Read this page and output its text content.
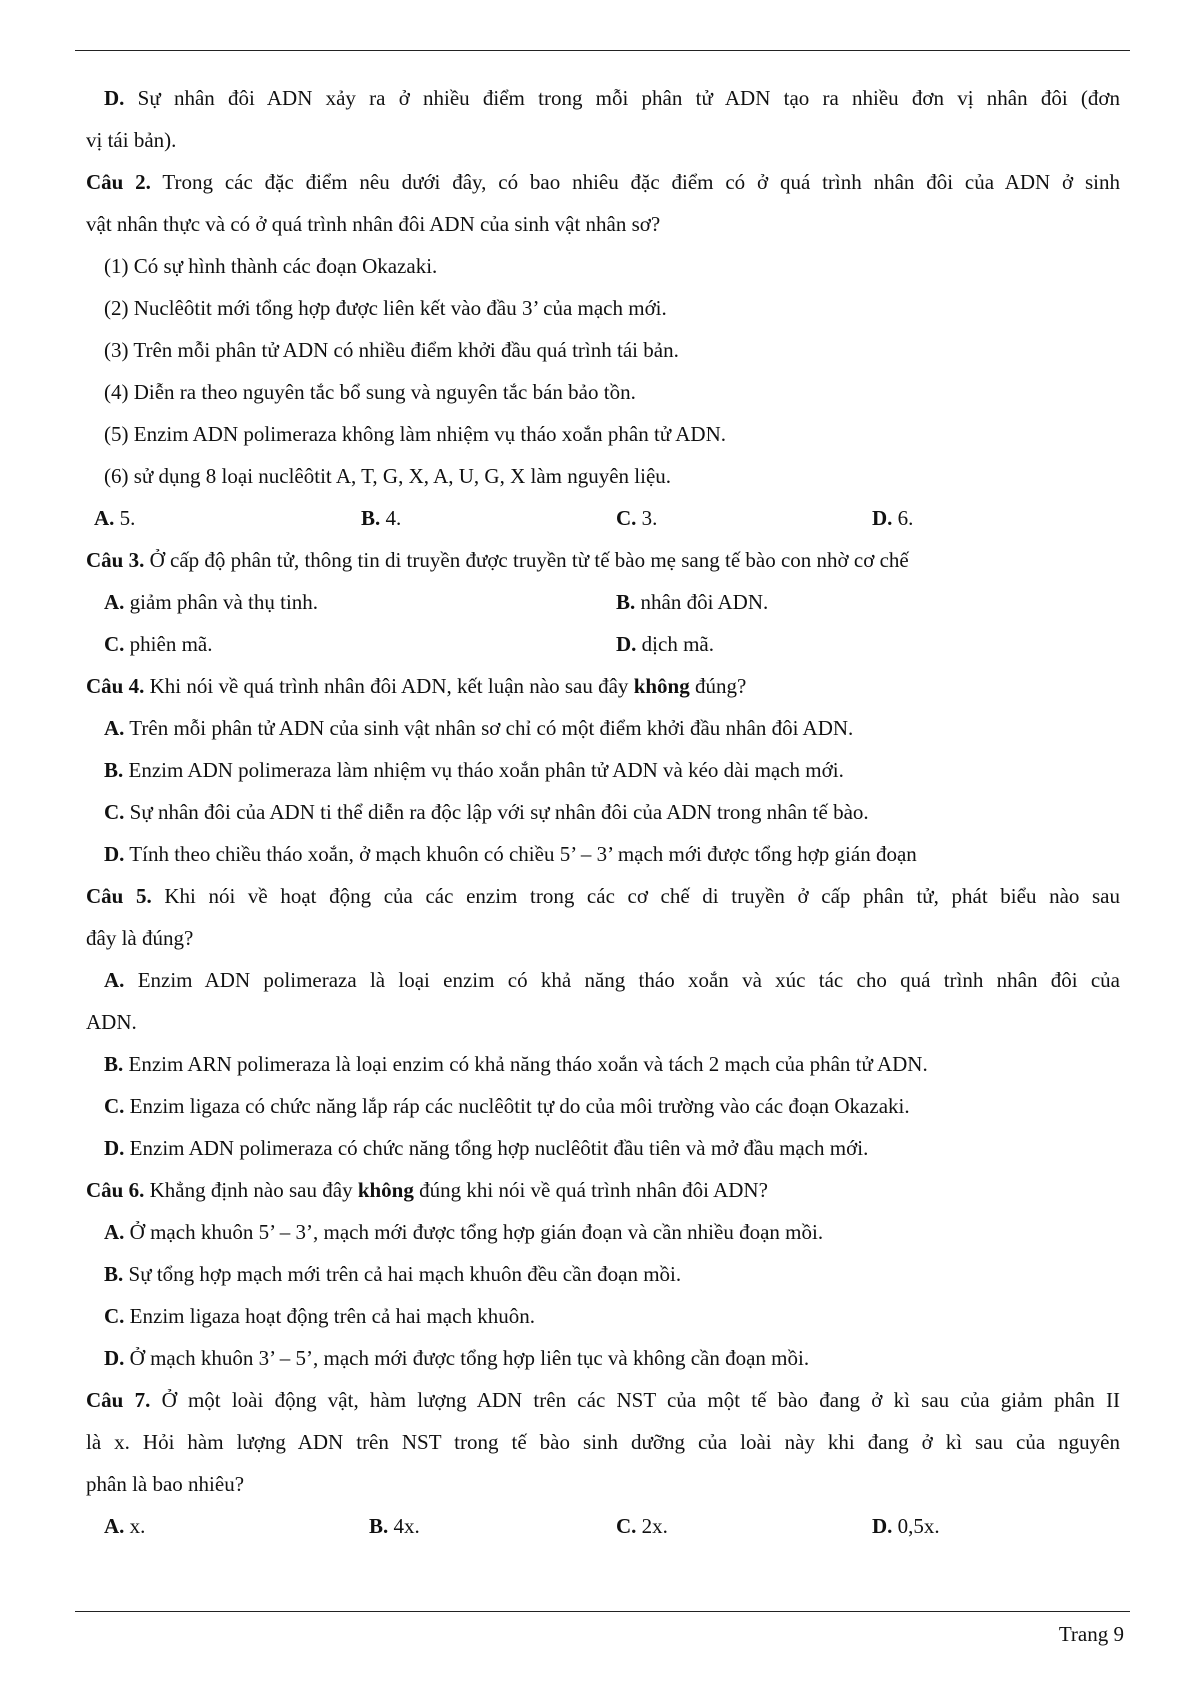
D. Sự nhân đôi ADN xảy ra ở nhiều điểm trong mỗi phân tử ADN tạo ra nhiều đơn vị nhân đôi (đơn
vị tái bản).
Câu 2. Trong các đặc điểm nêu dưới đây, có bao nhiêu đặc điểm có ở quá trình nhân đôi của ADN ở sinh
vật nhân thực và có ở quá trình nhân đôi ADN của sinh vật nhân sơ?
(1) Có sự hình thành các đoạn Okazaki.
(2) Nuclêôtit mới tổng hợp được liên kết vào đầu 3’ của mạch mới.
(3) Trên mỗi phân tử ADN có nhiều điểm khởi đầu quá trình tái bản.
(4) Diễn ra theo nguyên tắc bổ sung và nguyên tắc bán bảo tồn.
(5) Enzim ADN polimeraza không làm nhiệm vụ tháo xoắn phân tử ADN.
(6) sử dụng 8 loại nuclêôtit A, T, G, X, A, U, G, X làm nguyên liệu.
A. 5.	B. 4.	C. 3.	D. 6.
Câu 3. Ở cấp độ phân tử, thông tin di truyền được truyền từ tế bào mẹ sang tế bào con nhờ cơ chế
A. giảm phân và thụ tinh.	B. nhân đôi ADN.
C. phiên mã.	D. dịch mã.
Câu 4. Khi nói về quá trình nhân đôi ADN, kết luận nào sau đây không đúng?
A. Trên mỗi phân tử ADN của sinh vật nhân sơ chỉ có một điểm khởi đầu nhân đôi ADN.
B. Enzim ADN polimeraza làm nhiệm vụ tháo xoắn phân tử ADN và kéo dài mạch mới.
C. Sự nhân đôi của ADN ti thể diễn ra độc lập với sự nhân đôi của ADN trong nhân tế bào.
D. Tính theo chiều tháo xoắn, ở mạch khuôn có chiều 5’ – 3’ mạch mới được tổng hợp gián đoạn
Câu 5. Khi nói về hoạt động của các enzim trong các cơ chế di truyền ở cấp phân tử, phát biểu nào sau
đây là đúng?
A. Enzim ADN polimeraza là loại enzim có khả năng tháo xoắn và xúc tác cho quá trình nhân đôi của
ADN.
B. Enzim ARN polimeraza là loại enzim có khả năng tháo xoắn và tách 2 mạch của phân tử ADN.
C. Enzim ligaza có chức năng lắp ráp các nuclêôtit tự do của môi trường vào các đoạn Okazaki.
D. Enzim ADN polimeraza có chức năng tổng hợp nuclêôtit đầu tiên và mở đầu mạch mới.
Câu 6. Khẳng định nào sau đây không đúng khi nói về quá trình nhân đôi ADN?
A. Ở mạch khuôn 5’ – 3’, mạch mới được tổng hợp gián đoạn và cần nhiều đoạn mồi.
B. Sự tổng hợp mạch mới trên cả hai mạch khuôn đều cần đoạn mồi.
C. Enzim ligaza hoạt động trên cả hai mạch khuôn.
D. Ở mạch khuôn 3’ – 5’, mạch mới được tổng hợp liên tục và không cần đoạn mồi.
Câu 7. Ở một loài động vật, hàm lượng ADN trên các NST của một tế bào đang ở kì sau của giảm phân II
là x. Hỏi hàm lượng ADN trên NST trong tế bào sinh dưỡng của loài này khi đang ở kì sau của nguyên
phân là bao nhiêu?
A. x.	B. 4x.	C. 2x.	D. 0,5x.
Trang 9
